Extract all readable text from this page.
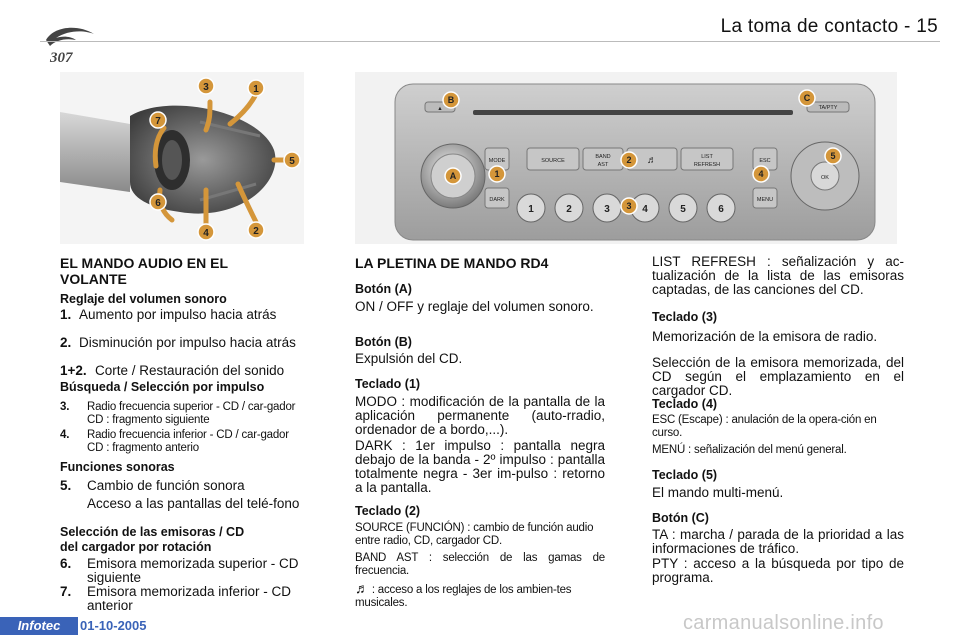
307
La toma de contacto - 15
3	1
7
5
6
4	2
▲	TA/PTY
MODE
DARK
SOURCE
BAND
AST	♬	LIST
REFRESH
ESC
MENU
OK
1	2	3	4	5	6
B	C
A	1
2
3
4
5
EL MANDO AUDIO EN EL
VOLANTE
Reglaje del volumen sonoro
1. Aumento por impulso hacia atrás
2. Disminución por impulso hacia atrás
1+2. Corte / Restauración del sonido
Búsqueda / Selección por impulso
3.	Radio frecuencia superior - CD / car-gador CD : fragmento siguiente
4.	Radio frecuencia inferior - CD / car-gador CD : fragmento anterio
Funciones sonoras
5.	Cambio de función sonora
Acceso a las pantallas del telé-fono
Selección de las emisoras / CD
del cargador por rotación
6.	Emisora memorizada superior - CD siguiente
7.	Emisora memorizada inferior - CD anterior
LA PLETINA DE MANDO RD4
Botón (A)
ON / OFF y reglaje del volumen sonoro.
Botón (B)
Expulsión del CD.
Teclado (1)
MODO : modificación de la pantalla de la aplicación permanente (auto-rradio, ordenador de a bordo,...).
DARK : 1er impulso : pantalla negra debajo de la banda - 2º impulso : pantalla totalmente negra - 3er im-pulso : retorno a la pantalla.
Teclado (2)
SOURCE (FUNCIÓN) : cambio de función audio entre radio, CD, cargador CD.
BAND AST : selección de las gamas de frecuencia.
♬ : acceso a los reglajes de los ambien-tes musicales.
LIST REFRESH : señalización y ac-tualización de la lista de las emisoras captadas, de las canciones del CD.
Teclado (3)
Memorización de la emisora de radio.
Selección de la emisora memorizada, del CD según el emplazamiento en el cargador CD.
Teclado (4)
ESC (Escape) : anulación de la opera-ción en curso.
MENÚ : señalización del menú general.
Teclado (5)
El mando multi-menú.
Botón (C)
TA : marcha / parada de la prioridad a las informaciones de tráfico.
PTY : acceso a la búsqueda por tipo de programa.
Infotec	01-10-2005	carmanualsonline.info
